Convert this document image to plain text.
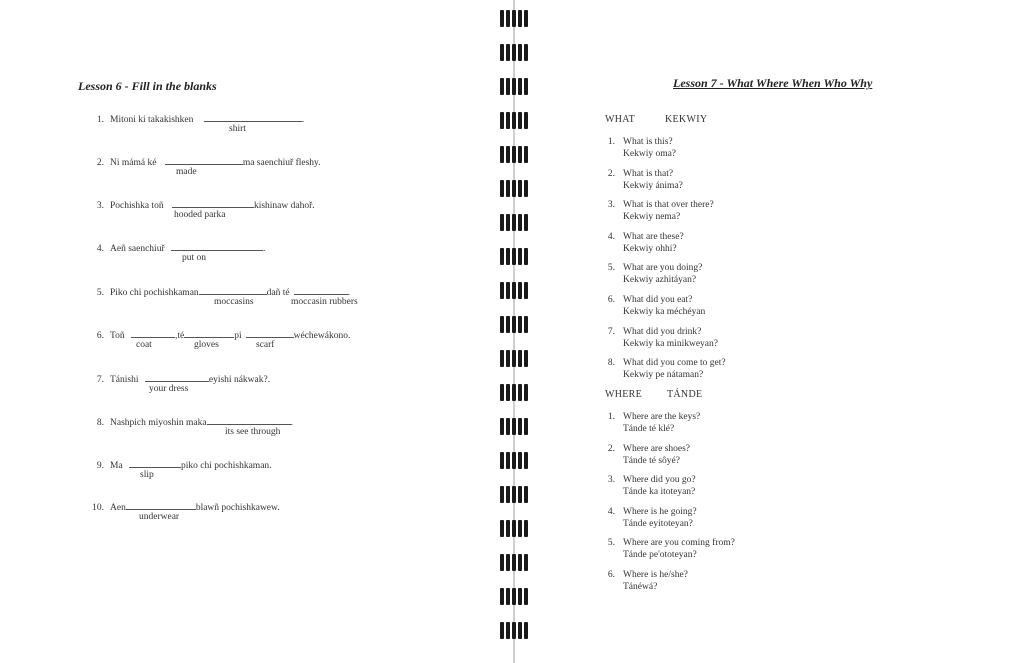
Lesson 6 - Fill in the blanks
1. Mitoni ki takakishken	.
shirt
2. Ni mámá ké	ma saenchiuř fleshy.
made
3. Pochishka toñ	kishinaw dahoř.
hooded parka
4. Aeñ saenchiuř	.
put on
5. Piko chi pochishkaman	dañ té	.
moccasins	moccasin rubbers
6. Toñ	,té	pi	wéchewákono.
coat	gloves	scarf
7. Tánishi	eyishi nákwak?.
your dress
8. Nashpich miyoshin maka	.
its see through
9. Ma	piko chi pochishkaman.
slip
10. Aen	blawñ pochishkawew.
underwear
Lesson 7 - What Where When Who Why
WHAT	KEKWIY
1. What is this?
Kekwiy oma?
2. What is that?
Kekwiy ánima?
3. What is that over there?
Kekwiy nema?
4. What are these?
Kekwiy ohhi?
5. What are you doing?
Kekwiy azhitáyan?
6. What did you eat?
Kekwiy ka méchéyan
7. What did you drink?
Kekwiy ka minikweyan?
8. What did you come to get?
Kekwiy pe nátaman?
WHERE TÁNDE
1. Where are the keys?
Tánde té klé?
2. Where are shoes?
Tánde té sôyé?
3. Where did you go?
Tánde ka itoteyan?
4. Where is he going?
Tánde eyitoteyan?
5. Where are you coming from?
Tánde pe'ototeyan?
6. Where is he/she?
Tánéwá?
